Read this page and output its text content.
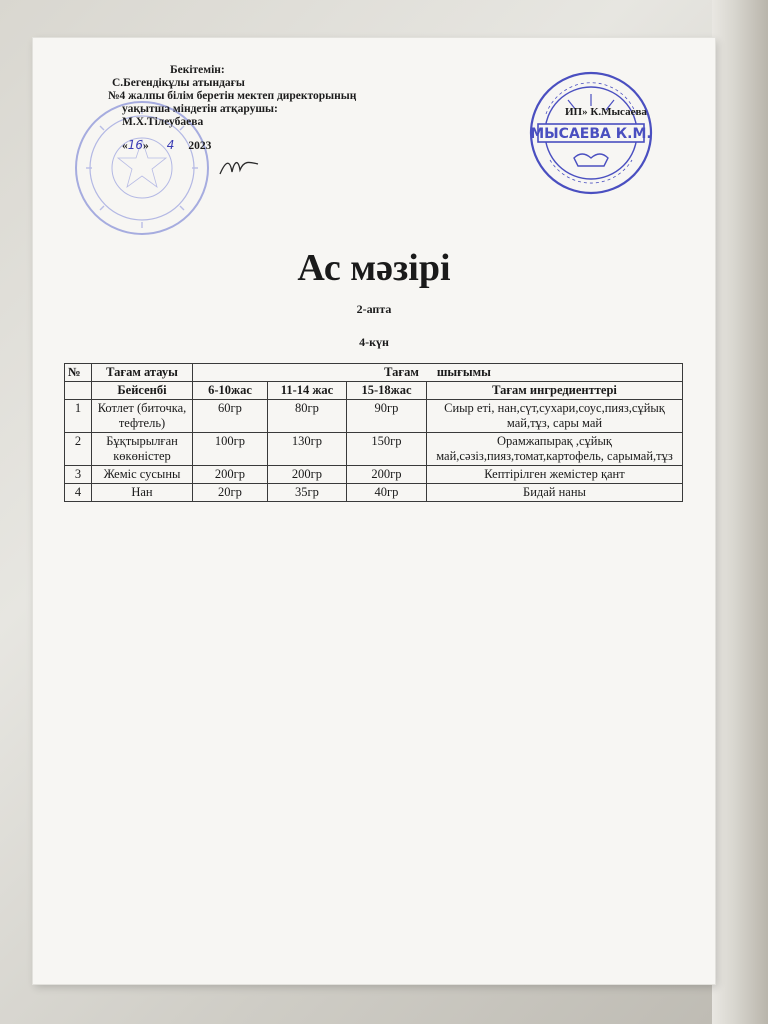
МЫСАЕВА К.М.
Бекітемін:
С.Бегендікұлы атындағы
№4 жалпы білім беретін мектеп директорының
уақытша міндетін атқарушы:
М.Х.Тілеубаева
«16» 4 2023
ИП» К.Мысаева
Ас мәзірі
2-апта
4-күн
№	Тағам атауы	Тағам шығымы			
	Бейсенбі	6-10жас	11-14 жас	15-18жас	Тағам ингредиенттері
1	Котлет (биточка, тефтель)	60гр	80гр	90гр	Сиыр еті, нан,сүт,сухари,соус,пияз,сұйық май,тұз, сары май
2	Бұқтырылған көкөністер	100гр	130гр	150гр	Орамжапырақ ,сұйық май,сәзіз,пияз,томат,картофель, сарымай,тұз
3	Жеміс сусыны	200гр	200гр	200гр	Кептірілген жемістер қант
4	Нан	20гр	35гр	40гр	Бидай наны
